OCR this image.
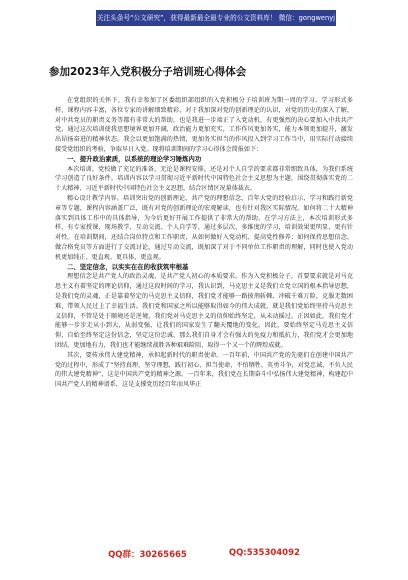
关注头条号“公文研究”，获得最新最全最专业的公文资料库！ 微信：gongwenyj
参加2023年入党积极分子培训班心得体会

在党组织的关怀下，我有幸参加了区委组织部组织的入党积极分子培训班为期一周的学习。学习形式多样，课程内容丰富，各位专家的讲解细致精彩，对于我加深对党的创新理论的认识，对党的历史的深入了解，对中共党员的职责义务等都有非常大的帮助，也是我进一步端正了入党动机，有更强烈的决心要加入中共共产党，通过这次培训使我思想境界更加开阔，政治能力更加充实，工作作风更加务实，能力本领更加提升，激发出昂扬奋进的精神状态。我会以更加饱满的热情，更加务实担当的作风投入到学习工作当中，用实际行动接续接受党组织的考验，争取早日入党。现将培训期间的学习心得体会简报如下：

一、提升政治素质，以系统的理论学习锤炼内功

本次培训，党校做了充足的准备，无论是课程安排，还是对个人自学的要求都非常细致具体，为我们系统学习创造了良好条件。培训内容以学习贯彻习近平新时代中国特色社会主义思想为主题，围绕贯彻落实党的二十大精神、习近平新时代中国特色社会主义思想，结合区情区况量体裁衣。

精心设计教学内容。培训突出党的创新理论、共产党的理想信念、百年大党的经验启示、学习和践行新党章等专题，课程内容涵盖广泛，既有对党的创新理论的宏观解读，也有针对我区实际情况。如何将二十大精神落实到具体工作中的具体指导，为今后更好开展工作提供了非常大的帮助。在学习方法上，本次培训形式多样，有专家授课、现场教学、互动交流、个人自学等，通过多层次、多维度的学习，培训效果更明显、更有针对性。在培训期间，还结合岗位特点和工作职责，从如何做好入党动机、提高党性修养；如何保持思想信念、做合格党员等方面进行了交流讨论，通过互动交流，既加深了对于不同单位工作职责的理解，同时也使入党动机更加纯正、更直观、更具体、更直观。

二、坚定信念，以实实在在的收获筑牢根基

理想信念是共产党人的政治灵魂，是共产党人初心的本质要求。作为入党积极分子，首要要求就是对马克思主义有着坚定的理论信仰，通过这段时间的学习，我认识到，马克思主义是我们立党立国的根本指导思想，是我们党的灵魂，正是靠着坚定的马克思主义信仰，我们党才能够一路披荆斩棘、冲破千难万险，克服无数困难，带领人民过上了幸福生活。我们党和国家之所以能够取得如今的伟大成就，就是我们党始终坚持马克思主义信仰，不管是处于顺境还是逆境，我们党对马克思主义的信仰始终坚定，从未动摇过。正因如此，我们党才能够一步步走从小到大，从弱变强，让我们的国家发生了翻天覆地的变化。因此，要始终坚定马克思主义信仰，自始至终坚定这份信念，坚定这份忠诚，那么我们自身才会有强大的免疫力和抵抗力，我们党才会更加地团结，更加地有力，我们也才能继续战胜各种艰难险阻，取得一个又一个的辉煌成就。

其次，要传承伟大建党精神，承担起新时代的职责使命。一百年前，中国共产党的先驱们在创建中国共产党的过程中，形成了“坚持真理、坚守理想，践行初心、担当使命，不怕牺牲、英勇斗争，对党忠诚、不负人民的伟大建党精神”，这是中国共产党的精神之源。一百年来，我们党在长期奋斗中弘扬伟大建党精神，构建起中国共产党人的精神谱系，这是支撑党历经百年而风华正

QQ群：30265665	QQ:535304092
